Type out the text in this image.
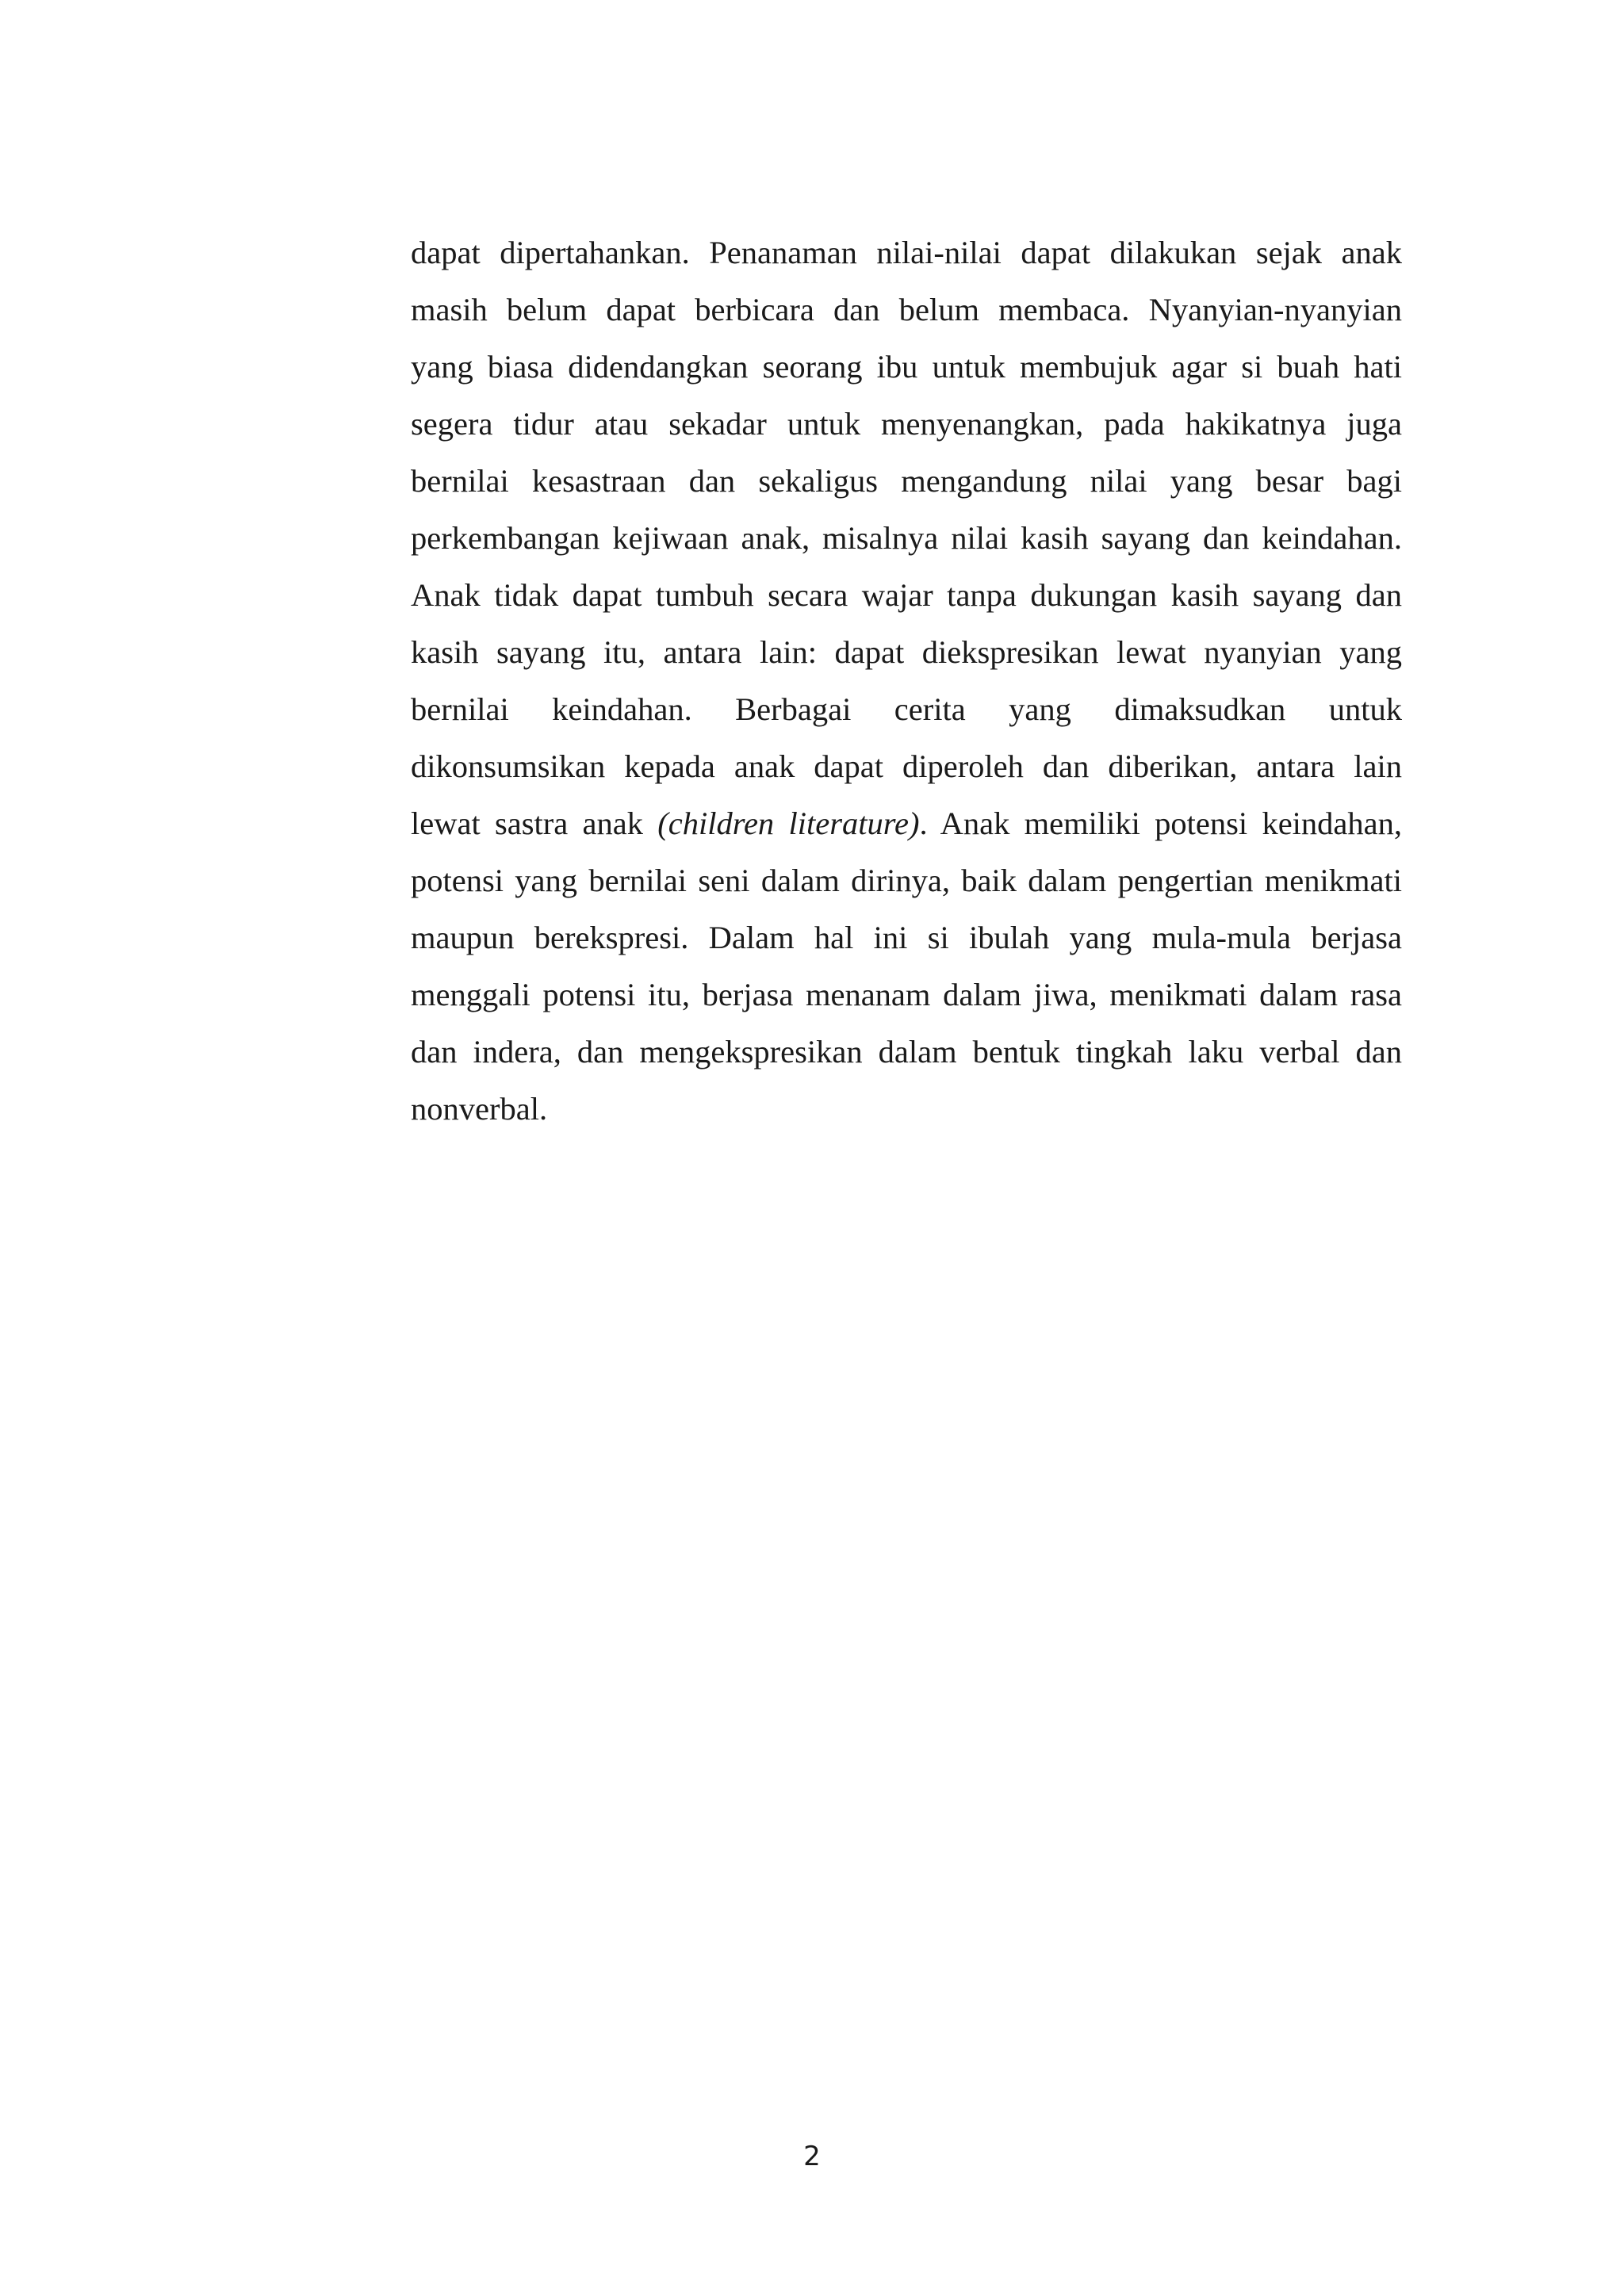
dapat dipertahankan. Penanaman nilai-nilai dapat dilakukan sejak anak
masih belum dapat berbicara dan belum membaca. Nyanyian-nyanyian
yang biasa didendangkan seorang ibu untuk membujuk agar si buah hati
segera tidur atau sekadar untuk menyenangkan, pada hakikatnya juga
bernilai kesastraan dan sekaligus mengandung nilai yang besar bagi
perkembangan kejiwaan anak, misalnya nilai kasih sayang dan keindahan.
Anak tidak dapat tumbuh secara wajar tanpa dukungan kasih sayang dan
kasih sayang itu, antara lain: dapat diekspresikan lewat nyanyian yang
bernilai keindahan. Berbagai cerita yang dimaksudkan untuk
dikonsumsikan kepada anak dapat diperoleh dan diberikan, antara lain
lewat sastra anak (children literature). Anak memiliki potensi keindahan,
potensi yang bernilai seni dalam dirinya, baik dalam pengertian menikmati
maupun berekspresi. Dalam hal ini si ibulah yang mula-mula berjasa
menggali potensi itu, berjasa menanam dalam jiwa, menikmati dalam rasa
dan indera, dan mengekspresikan dalam bentuk tingkah laku verbal dan
nonverbal.
2
